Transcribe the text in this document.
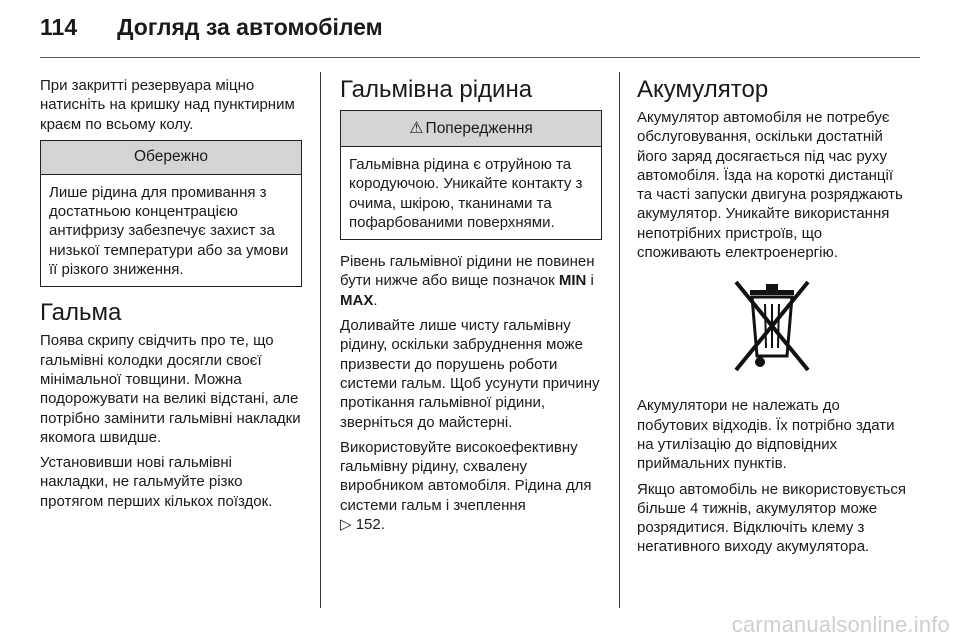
114 Догляд за автомобілем

При закритті резервуара міцно натисніть на кришку над пунктирним краєм по всьому колу.

Обережно

Лише рідина для промивання з достатньою концентрацією антифризу забезпечує захист за низької температури або за умови її різкого зниження.

Гальма

Поява скрипу свідчить про те, що гальмівні колодки досягли своєї мінімальної товщини. Можна подорожувати на великі відстані, але потрібно замінити гальмівні накладки якомога швидше.

Установивши нові гальмівні накладки, не гальмуйте різко протягом перших кількох поїздок.

Гальмівна рідина
⚠ Попередження

Гальмівна рідина є отруйною та кородуючою. Уникайте контакту з очима, шкірою, тканинами та пофарбованими поверхнями.

Рівень гальмівної рідини не повинен бути нижче або вище позначок MIN і MAX.

Доливайте лише чисту гальмівну рідину, оскільки забруднення може призвести до порушень роботи системи гальм. Щоб усунути причину протікання гальмівної рідини, зверніться до майстерні.

Використовуйте високоефективну гальмівну рідину, схвалену виробником автомобіля. Рідина для системи гальм і зчеплення
▷ 152.

Акумулятор

Акумулятор автомобіля не потребує обслуговування, оскільки достатній його заряд досягається під час руху автомобіля. Їзда на короткі дистанції та часті запуски двигуна розряджають акумулятор. Уникайте використання непотрібних пристроїв, що споживають електроенергію.

Акумулятори не належать до побутових відходів. Їх потрібно здати на утилізацію до відповідних приймальних пунктів.

Якщо автомобіль не використовується більше 4 тижнів, акумулятор може розрядитися. Відключіть клему з негативного виходу акумулятора.

carmanualsonline.info
